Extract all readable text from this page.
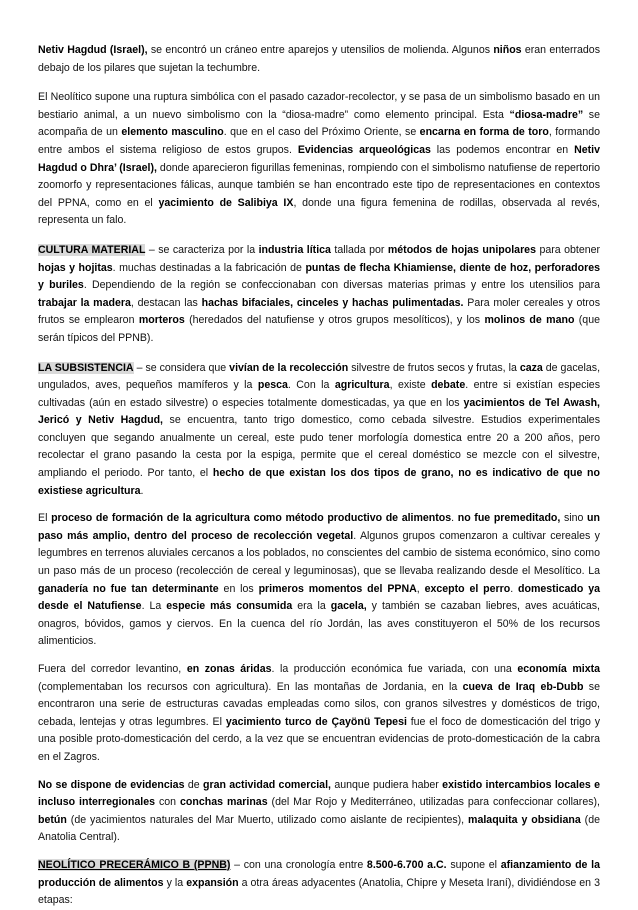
Netiv Hagdud (Israel), se encontró un cráneo entre aparejos y utensilios de molienda. Algunos niños eran enterrados debajo de los pilares que sujetan la techumbre.

El Neolítico supone una ruptura simbólica con el pasado cazador-recolector, y se pasa de un simbolismo basado en un bestiario animal, a un nuevo simbolismo con la “diosa-madre” como elemento principal. Esta “diosa-madre” se acompaña de un elemento masculino. que en el caso del Próximo Oriente, se encarna en forma de toro, formando entre ambos el sistema religioso de estos grupos. Evidencias arqueológicas las podemos encontrar en Netiv Hagdud o Dhra’ (Israel), donde aparecieron figurillas femeninas, rompiendo con el simbolismo natufiense de repertorio zoomorfo y representaciones fálicas, aunque también se han encontrado este tipo de representaciones en contextos del PPNA, como en el yacimiento de Salibiya IX, donde una figura femenina de rodillas, observada al revés, representa un falo.

CULTURA MATERIAL – se caracteriza por la industria lítica tallada por métodos de hojas unipolares para obtener hojas y hojitas. muchas destinadas a la fabricación de puntas de flecha Khiamiense, diente de hoz, perforadores y buriles. Dependiendo de la región se confeccionaban con diversas materias primas y entre los utensilios para trabajar la madera, destacan las hachas bifaciales, cinceles y hachas pulimentadas. Para moler cereales y otros frutos se emplearon morteros (heredados del natufiense y otros grupos mesolíticos), y los molinos de mano (que serán típicos del PPNB).

LA SUBSISTENCIA – se considera que vivían de la recolección silvestre de frutos secos y frutas, la caza de gacelas, ungulados, aves, pequeños mamíferos y la pesca. Con la agricultura, existe debate. entre si existían especies cultivadas (aún en estado silvestre) o especies totalmente domesticadas, ya que en los yacimientos de Tel Awash, Jericó y Netiv Hagdud, se encuentra, tanto trigo domestico, como cebada silvestre. Estudios experimentales concluyen que segando anualmente un cereal, este pudo tener morfología domestica entre 20 a 200 años, pero recolectar el grano pasando la cesta por la espiga, permite que el cereal doméstico se mezcle con el silvestre, ampliando el periodo. Por tanto, el hecho de que existan los dos tipos de grano, no es indicativo de que no existiese agricultura.

El proceso de formación de la agricultura como método productivo de alimentos. no fue premeditado, sino un paso más amplio, dentro del proceso de recolección vegetal. Algunos grupos comenzaron a cultivar cereales y legumbres en terrenos aluviales cercanos a los poblados, no conscientes del cambio de sistema económico, sino como un paso más de un proceso (recolección de cereal y leguminosas), que se llevaba realizando desde el Mesolítico. La ganadería no fue tan determinante en los primeros momentos del PPNA, excepto el perro. domesticado ya desde el Natufiense. La especie más consumida era la gacela, y también se cazaban liebres, aves acuáticas, onagros, bóvidos, gamos y ciervos. En la cuenca del río Jordán, las aves constituyeron el 50% de los recursos alimenticios.

Fuera del corredor levantino, en zonas áridas. la producción económica fue variada, con una economía mixta (complementaban los recursos con agricultura). En las montañas de Jordania, en la cueva de Iraq eb-Dubb se encontraron una serie de estructuras cavadas empleadas como silos, con granos silvestres y domésticos de trigo, cebada, lentejas y otras legumbres. El yacimiento turco de Çayönü Tepesi fue el foco de domesticación del trigo y una posible proto-domesticación del cerdo, a la vez que se encuentran evidencias de proto-domesticación de la cabra en el Zagros.

No se dispone de evidencias de gran actividad comercial, aunque pudiera haber existido intercambios locales e incluso interregionales con conchas marinas (del Mar Rojo y Mediterráneo, utilizadas para confeccionar collares), betún (de yacimientos naturales del Mar Muerto, utilizado como aislante de recipientes), malaquita y obsidiana (de Anatolia Central).

NEOLÍTICO PRECERÁMICO B (PPNB) – con una cronología entre 8.500-6.700 a.C. supone el afianzamiento de la producción de alimentos y la expansión a otra áreas adyacentes (Anatolia, Chipre y Meseta Iraní), dividiéndose en 3 etapas:
